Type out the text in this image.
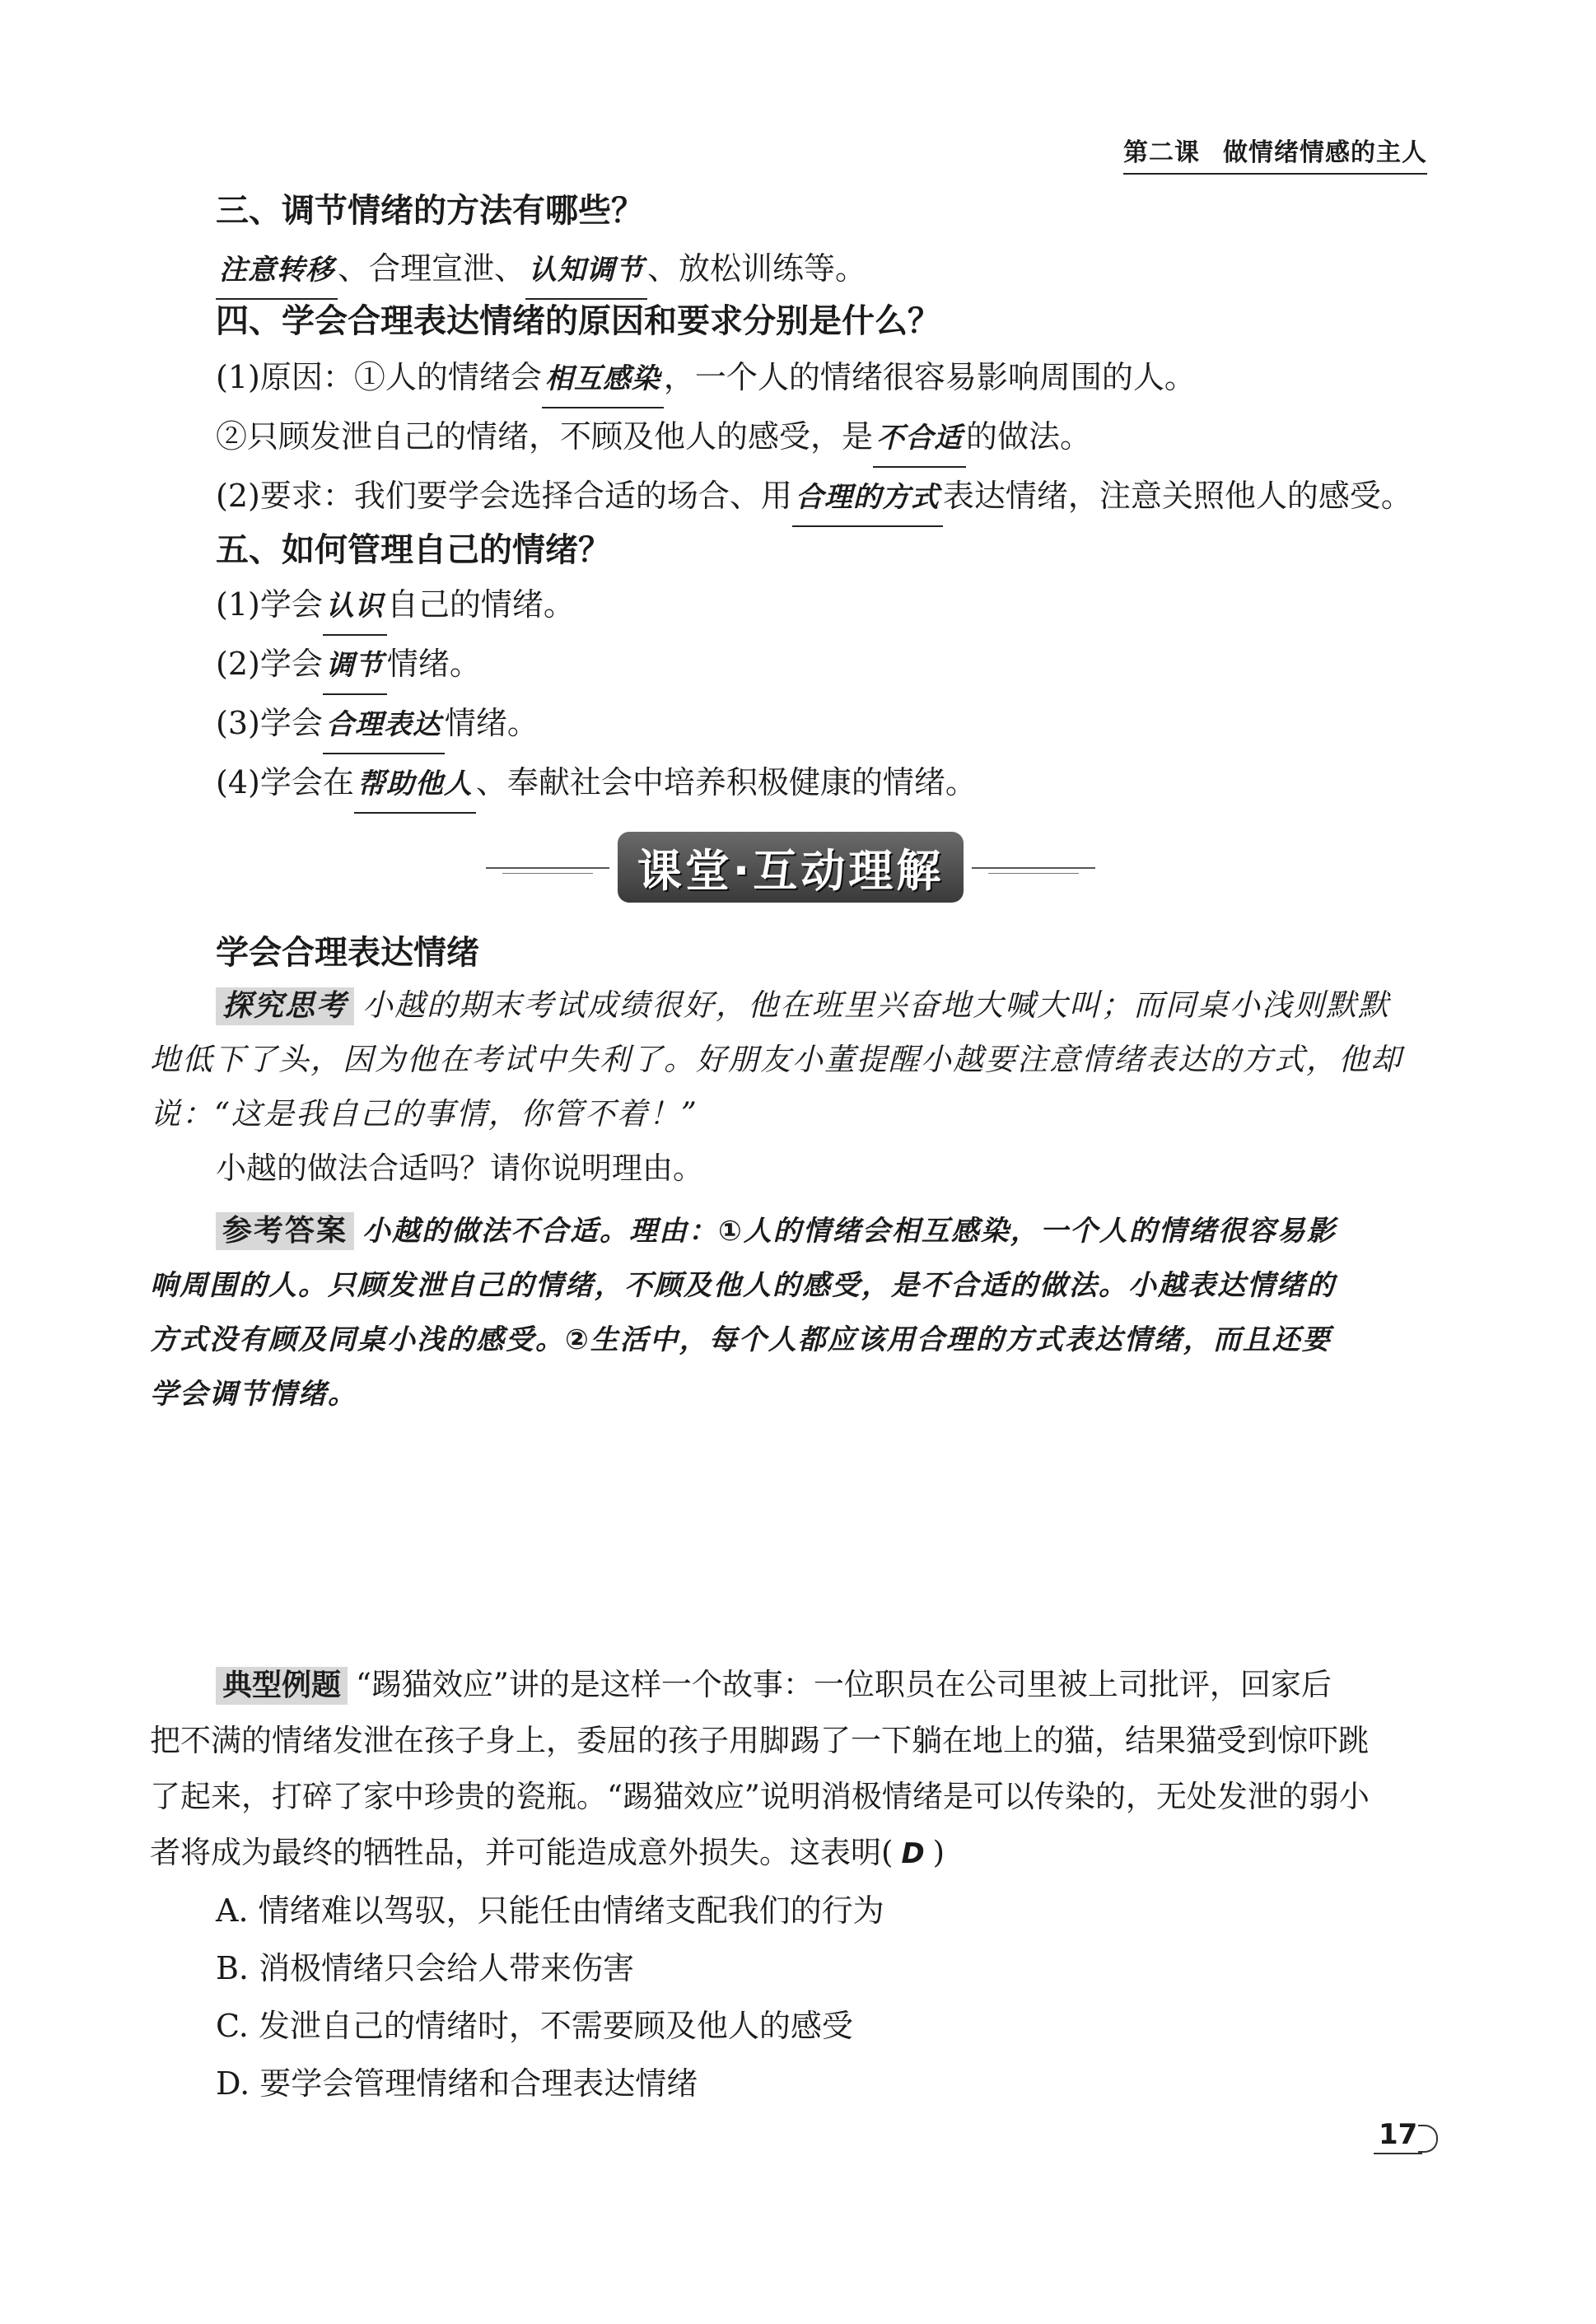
第二课 做情绪情感的主人

三、调节情绪的方法有哪些？

注意转移 、合理宣泄、 认知调节 、放松训练等。

四、学会合理表达情绪的原因和要求分别是什么？

(1)原因：①人的情绪会 相互感染 ，一个人的情绪很容易影响周围的人。
②只顾发泄自己的情绪，不顾及他人的感受，是 不合适 的做法。
(2)要求：我们要学会选择合适的场合、用 合理的方式 表达情绪，注意关照他人的感受。

五、如何管理自己的情绪？

(1)学会 认识 自己的情绪。
(2)学会 调节 情绪。
(3)学会 合理表达 情绪。
(4)学会在 帮助他人 、奉献社会中培养积极健康的情绪。
课堂·互动理解
学会合理表达情绪
探究思考 小越的期末考试成绩很好，他在班里兴奋地大喊大叫；而同桌小浅则默默
地低下了头，因为他在考试中失利了。好朋友小董提醒小越要注意情绪表达的方式，他却
说：“这是我自己的事情，你管不着！”
小越的做法合适吗？请你说明理由。
参考答案 小越的做法不合适。理由：①人的情绪会相互感染，一个人的情绪很容易影
响周围的人。只顾发泄自己的情绪，不顾及他人的感受，是不合适的做法。小越表达情绪的
方式没有顾及同桌小浅的感受。②生活中，每个人都应该用合理的方式表达情绪，而且还要
学会调节情绪。
典型例题 “踢猫效应”讲的是这样一个故事：一位职员在公司里被上司批评，回家后
把不满的情绪发泄在孩子身上，委屈的孩子用脚踢了一下躺在地上的猫，结果猫受到惊吓跳
了起来，打碎了家中珍贵的瓷瓶。“踢猫效应”说明消极情绪是可以传染的，无处发泄的弱小
者将成为最终的牺牲品，并可能造成意外损失。这表明( D )
A. 情绪难以驾驭，只能任由情绪支配我们的行为
B. 消极情绪只会给人带来伤害
C. 发泄自己的情绪时，不需要顾及他人的感受
D. 要学会管理情绪和合理表达情绪
17
